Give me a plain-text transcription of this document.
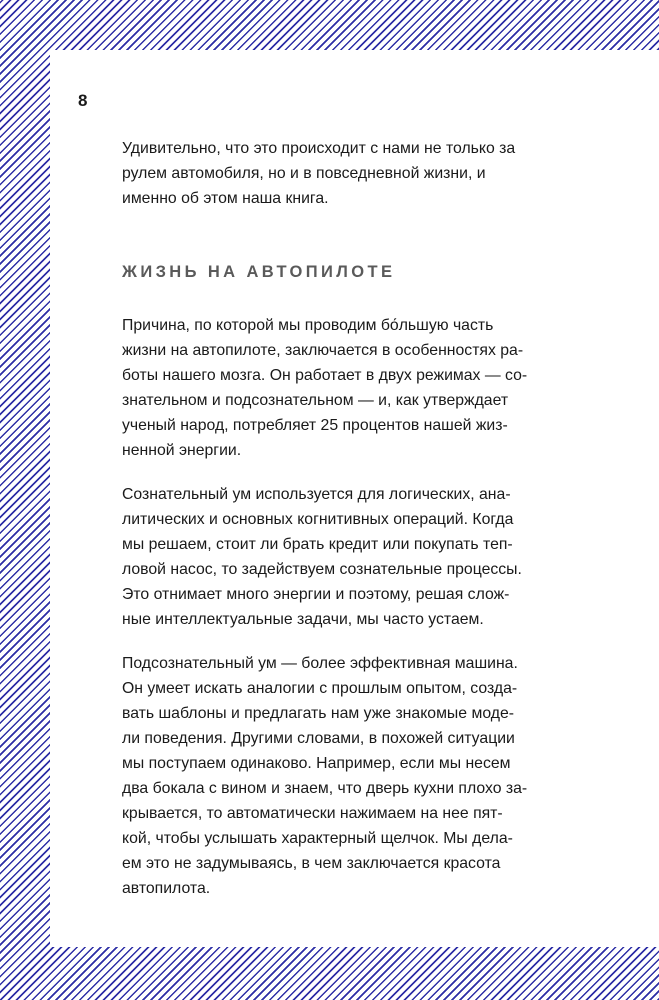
8

Удивительно, что это происходит с нами не только за
рулем автомобиля, но и в повседневной жизни, и
именно об этом наша книга.

ЖИЗНЬ НА АВТОПИЛОТЕ

Причина, по которой мы проводим бо́льшую часть
жизни на автопилоте, заключается в особенностях ра-
боты нашего мозга. Он работает в двух режимах — со-
знательном и подсознательном — и, как утверждает
ученый народ, потребляет 25 процентов нашей жиз-
ненной энергии.

Сознательный ум используется для логических, ана-
литических и основных когнитивных операций. Когда
мы решаем, стоит ли брать кредит или покупать теп-
ловой насос, то задействуем сознательные процессы.
Это отнимает много энергии и поэтому, решая слож-
ные интеллектуальные задачи, мы часто устаем.

Подсознательный ум — более эффективная машина.
Он умеет искать аналогии с прошлым опытом, созда-
вать шаблоны и предлагать нам уже знакомые моде-
ли поведения. Другими словами, в похожей ситуации
мы поступаем одинаково. Например, если мы несем
два бокала с вином и знаем, что дверь кухни плохо за-
крывается, то автоматически нажимаем на нее пят-
кой, чтобы услышать характерный щелчок. Мы дела-
ем это не задумываясь, в чем заключается красота
автопилота.
